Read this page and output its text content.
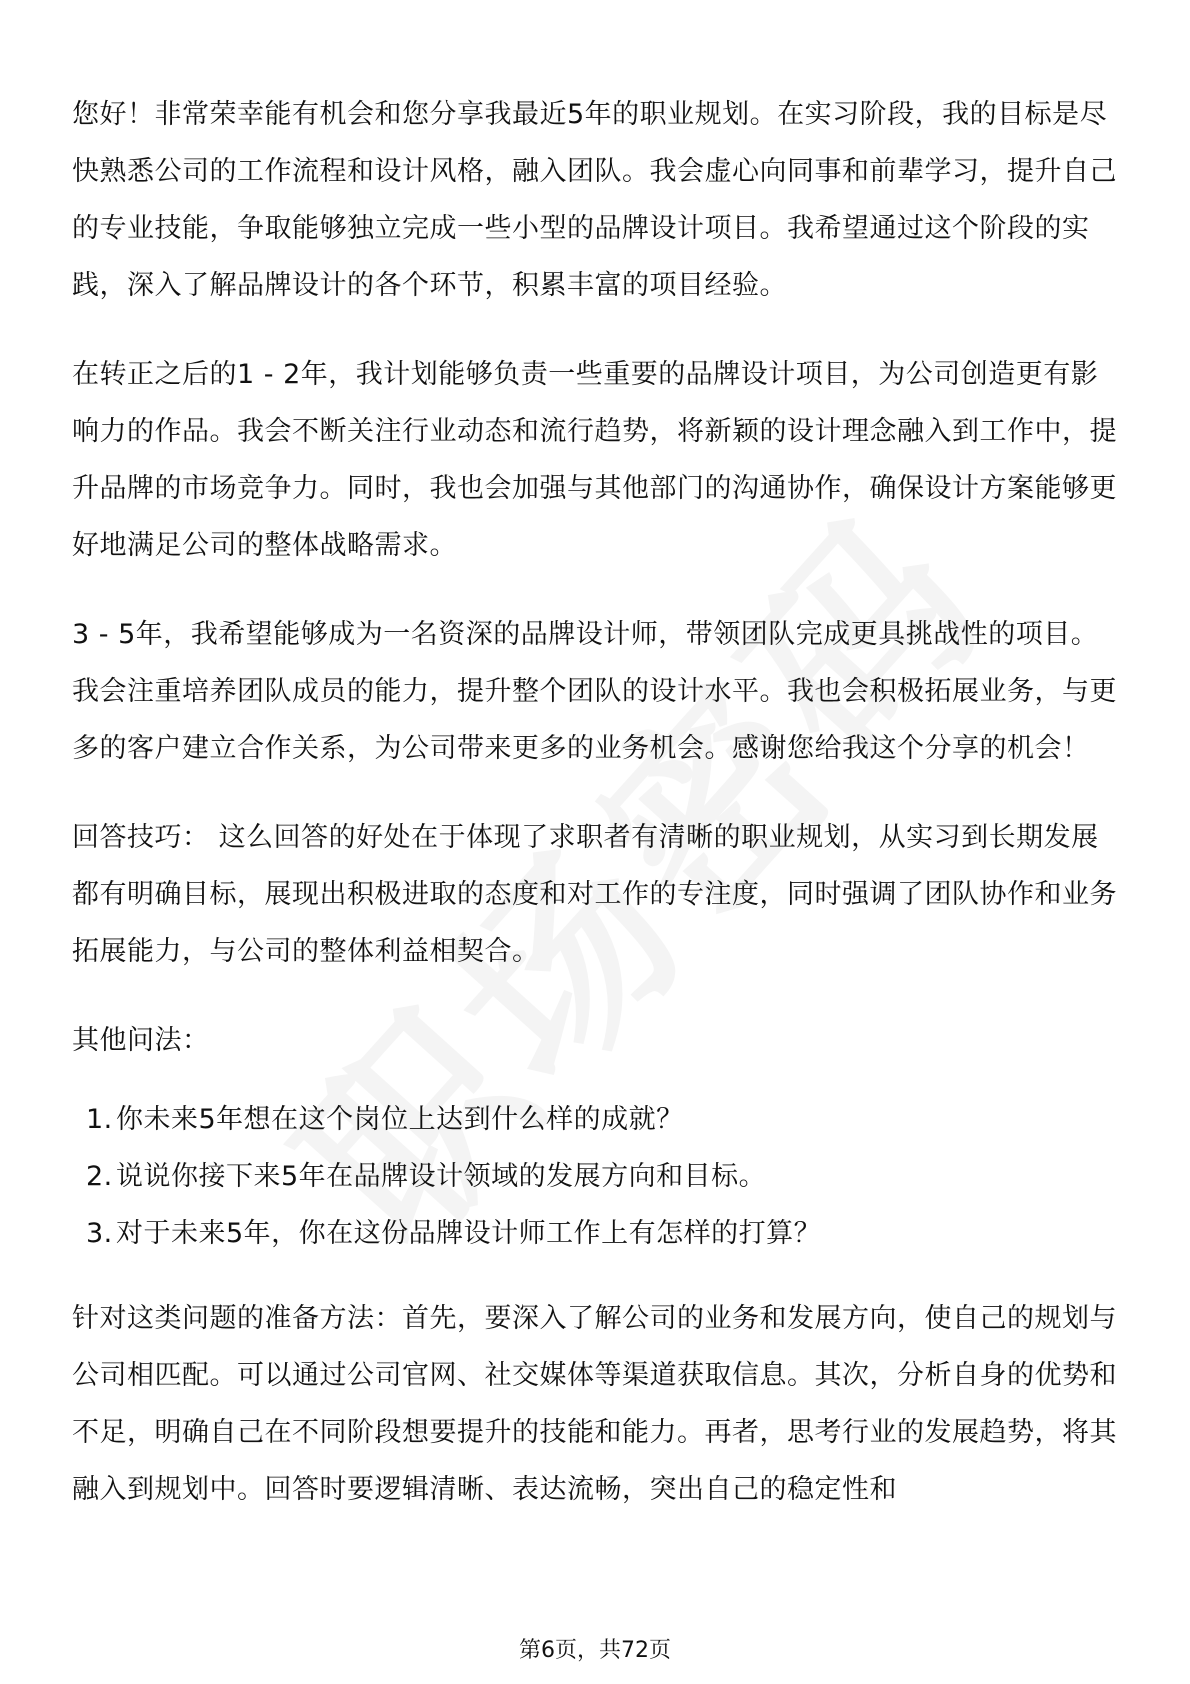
您好！非常荣幸能有机会和您分享我最近5年的职业规划。在实习阶段，我的目标是尽快熟悉公司的工作流程和设计风格，融入团队。我会虚心向同事和前辈学习，提升自己的专业技能，争取能够独立完成一些小型的品牌设计项目。我希望通过这个阶段的实践，深入了解品牌设计的各个环节，积累丰富的项目经验。

在转正之后的1 - 2年，我计划能够负责一些重要的品牌设计项目，为公司创造更有影响力的作品。我会不断关注行业动态和流行趋势，将新颖的设计理念融入到工作中，提升品牌的市场竞争力。同时，我也会加强与其他部门的沟通协作，确保设计方案能够更好地满足公司的整体战略需求。

3 - 5年，我希望能够成为一名资深的品牌设计师，带领团队完成更具挑战性的项目。我会注重培养团队成员的能力，提升整个团队的设计水平。我也会积极拓展业务，与更多的客户建立合作关系，为公司带来更多的业务机会。感谢您给我这个分享的机会！

回答技巧： 这么回答的好处在于体现了求职者有清晰的职业规划，从实习到长期发展都有明确目标，展现出积极进取的态度和对工作的专注度，同时强调了团队协作和业务拓展能力，与公司的整体利益相契合。

其他问法：

1. 你未来5年想在这个岗位上达到什么样的成就？
2. 说说你接下来5年在品牌设计领域的发展方向和目标。
3. 对于未来5年，你在这份品牌设计师工作上有怎样的打算？

针对这类问题的准备方法：首先，要深入了解公司的业务和发展方向，使自己的规划与公司相匹配。可以通过公司官网、社交媒体等渠道获取信息。其次，分析自身的优势和不足，明确自己在不同阶段想要提升的技能和能力。再者，思考行业的发展趋势，将其融入到规划中。回答时要逻辑清晰、表达流畅，突出自己的稳定性和

第6页，共72页
